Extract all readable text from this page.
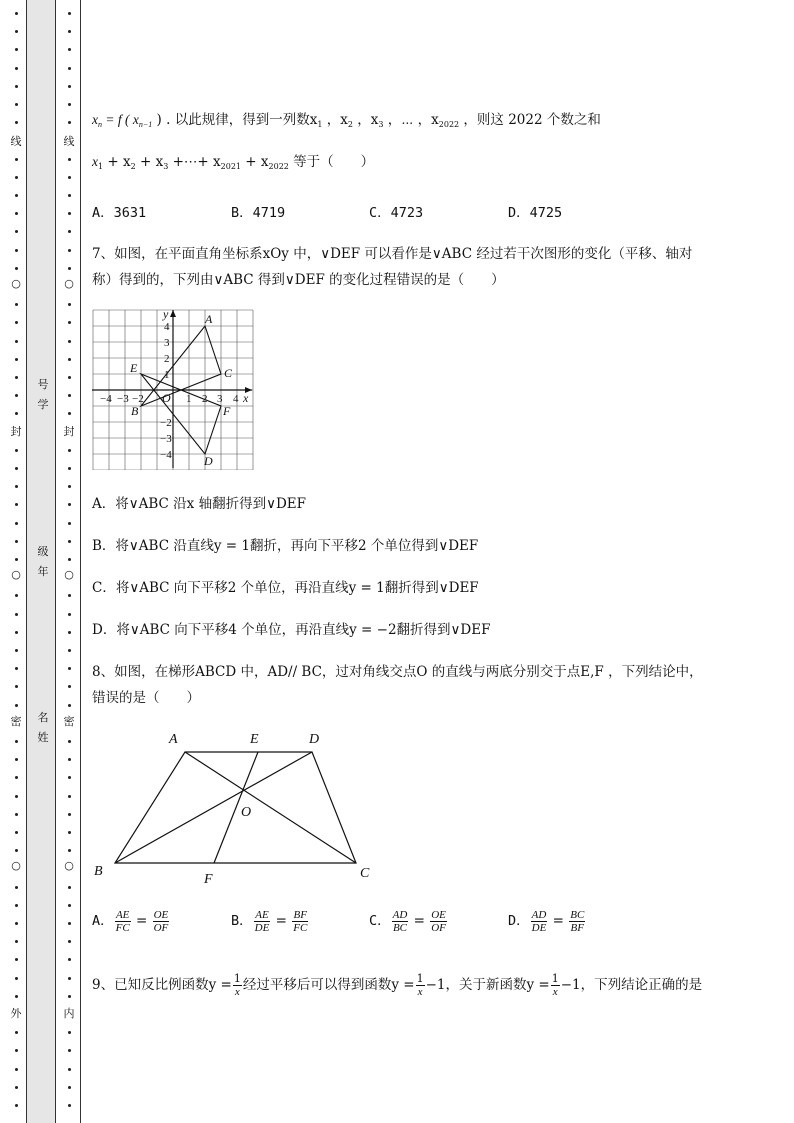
线
○
封
○
密
○
外
线
○
封
○
密
○
内
号
学
级
年
名
姓
$x_n = f$ ( $x_{n-1}$ ) . 以此规律，得到一列数$x_1$ ，$x_2$ ，$x_3$ ，⋯ ，$x_{2022}$ ，则这 2022 个数之和
$x_1 + x_2 + x_3$ +⋯+ $x_{2021} + x_{2022}$ 等于（　　）
A．3631	B．4719	C．4723	D．4725
7、如图，在平面直角坐标系xOy 中，∨DEF 可以看作是∨ABC 经过若干次图形的变化（平移、轴对
称）得到的，下列由∨ABC 得到∨DEF 的变化过程错误的是（　　）
−4 −3 −2	1 2 3 4
4
3
2
1
−2
−3
−4
A
B
C
D
E
F
O	x
y
A．将∨ABC 沿x 轴翻折得到∨DEF
B．将∨ABC 沿直线y = 1翻折，再向下平移2 个单位得到∨DEF
C．将∨ABC 向下平移2 个单位，再沿直线y = 1翻折得到∨DEF
D．将∨ABC 向下平移4 个单位，再沿直线y = −2翻折得到∨DEF
8、如图，在梯形ABCD 中，AD// BC，过对角线交点O 的直线与两底分别交于点E,F ，下列结论中，
错误的是（　　）
A	E	D
O
B
F	C
A． $\frac{AE}{FC} = \frac{OE}{OF}$	B． $\frac{AE}{DE} = \frac{BF}{FC}$	C． $\frac{AD}{BC} = \frac{OE}{OF}$	D． $\frac{AD}{DE} = \frac{BC}{BF}$
9、已知反比例函数$y = \frac{1}{x}$ 经过平移后可以得到函数$y = \frac{1}{x} -1$，关于新函数$y = \frac{1}{x} -1$，下列结论正确的是
